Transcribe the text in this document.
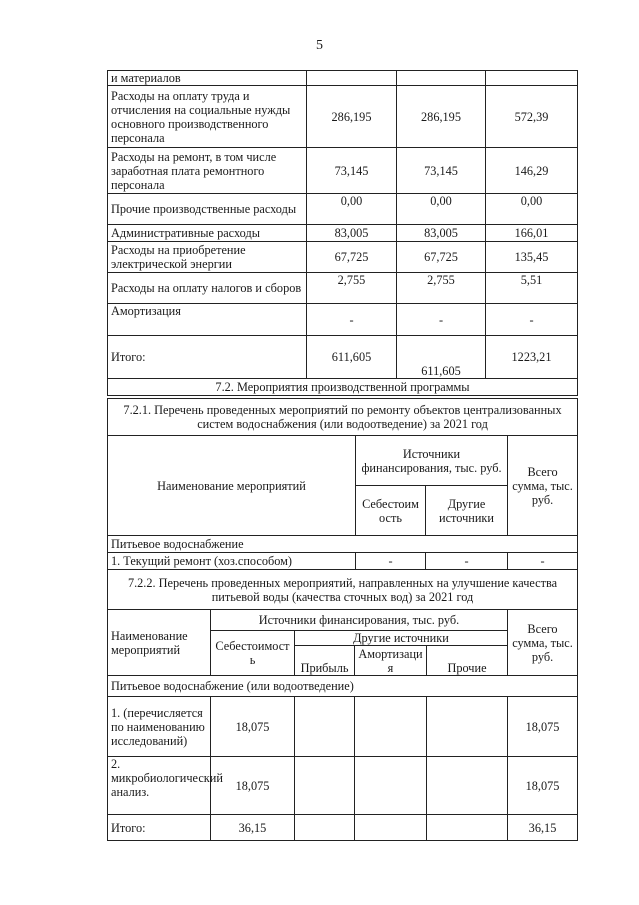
5
и материалов			
Расходы на оплату труда и отчисления на социальные нужды основного производственного персонала	286,195	286,195	572,39
Расходы на ремонт, в том числе заработная плата ремонтного персонала	73,145	73,145	146,29
Прочие производственные расходы	0,00	0,00	0,00
Административные расходы	83,005	83,005	166,01
Расходы на приобретение электрической энергии	67,725	67,725	135,45
Расходы на оплату налогов и сборов	2,755	2,755	5,51
Амортизация	-	-	-
Итого:	611,605	611,605	1223,21
7.2. Мероприятия производственной программы			
7.2.1. Перечень проведенных мероприятий по ремонту объектов централизованных систем водоснабжения (или водоотведение) за 2021 год			
Наименование мероприятий	Источники финансирования, тыс. руб.		Всего сумма, тыс. руб.
	Себестоимость	Другие источники	
Питьевое водоснабжение			
1. Текущий ремонт (хоз.способом)	-	-	-
7.2.2. Перечень проведенных мероприятий, направленных на улучшение качества питьевой воды (качества сточных вод) за 2021 год					
Наименование мероприятий	Источники финансирования, тыс. руб.				Всего сумма, тыс. руб.
	Себестоимость	Другие источники			
		Прибыль	Амортизация	Прочие	
Питьевое водоснабжение (или водоотведение)					
1. (перечисляется по наименованию исследований)	18,075				18,075
2. микробиологический анализ.	18,075				18,075
Итого:	36,15				36,15
